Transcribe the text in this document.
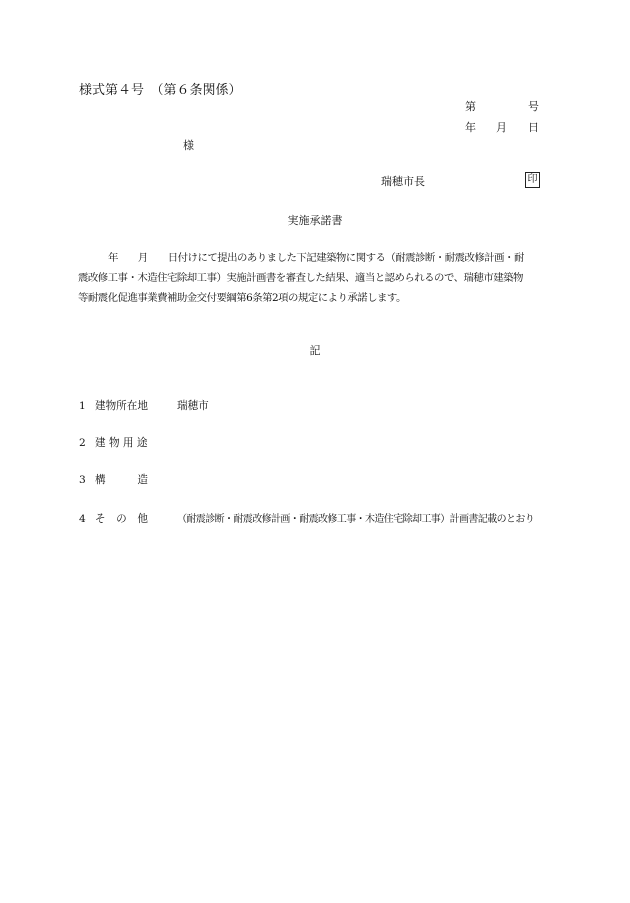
様式第４号　（第６条関係）
第	号
年 月 日
様
瑞穂市長	印
実施承諾書
年 月 日付けにて提出のありました下記建築物に関する（耐震診断・耐震改修計画・耐
震改修工事・木造住宅除却工事）実施計画書を審査した結果、適当と認められるので、瑞穂市建築物
等耐震化促進事業費補助金交付要綱第6条第2項の規定により承諾します。
記
1 建物所在地	瑞穂市
2 建 物 用 途
3 構　　　造
4 そ　の　他	（耐震診断・耐震改修計画・耐震改修工事・木造住宅除却工事）計画書記載のとおり
